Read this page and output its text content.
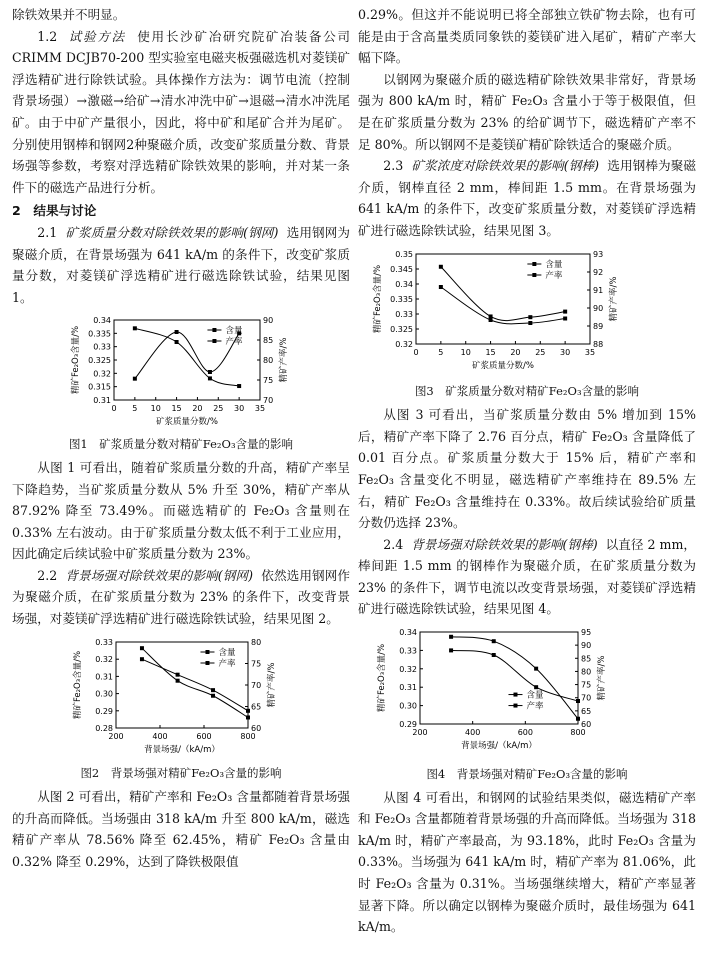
除铁效果并不明显。

1.2 试验方法 使用长沙矿冶研究院矿冶装备公司CRIMM DCJB70-200 型实验室电磁夹板强磁选机对菱镁矿浮选精矿进行除铁试验。具体操作方法为：调节电流（控制背景场强）→激磁→给矿→清水冲洗中矿→退磁→清水冲洗尾矿。由于中矿产量很小，因此，将中矿和尾矿合并为尾矿。分别使用钢棒和钢网2种聚磁介质，改变矿浆质量分数、背景场强等参数，考察对浮选精矿除铁效果的影响，并对某一条件下的磁选产品进行分析。

2　结果与讨论

2.1 矿浆质量分数对除铁效果的影响(钢网) 选用钢网为聚磁介质，在背景场强为 641 kA/m 的条件下，改变矿浆质量分数，对菱镁矿浮选精矿进行磁选除铁试验，结果见图 1。

0 5 10 15 20 25 30 35
0.31
0.315
0.32
0.325
0.33
0.335
0.34
70
75
80
85
90
矿浆质量分数/%
精矿Fe₂O₃含量/%	精矿产率/%
含量
产率

图1　矿浆质量分数对精矿Fe₂O₃含量的影响

从图 1 可看出，随着矿浆质量分数的升高，精矿产率呈下降趋势，当矿浆质量分数从 5% 升至 30%，精矿产率从 87.92% 降至 73.49%。而磁选精矿的 Fe₂O₃ 含量则在 0.33% 左右波动。由于矿浆质量分数太低不利于工业应用，因此确定后续试验中矿浆质量分数为 23%。

2.2 背景场强对除铁效果的影响(钢网) 依然选用钢网作为聚磁介质，在矿浆质量分数为 23% 的条件下，改变背景场强，对菱镁矿浮选精矿进行磁选除铁试验，结果见图 2。

200	400	600	800
0.28
0.29
0.30
0.31
0.32
0.33
60
65
70
75
80
背景场强/（kA/m）
精矿Fe₂O₃含量/%	精矿产率/%
含量
产率

图2　背景场强对精矿Fe₂O₃含量的影响

从图 2 可看出，精矿产率和 Fe₂O₃ 含量都随着背景场强的升高而降低。当场强由 318 kA/m 升至 800 kA/m，磁选精矿产率从 78.56% 降至 62.45%，精矿 Fe₂O₃ 含量由 0.32% 降至 0.29%，达到了降铁极限值

0.29%。但这并不能说明已将全部独立铁矿物去除，也有可能是由于含高量类质同象铁的菱镁矿进入尾矿，精矿产率大幅下降。

以钢网为聚磁介质的磁选精矿除铁效果非常好，背景场强为 800 kA/m 时，精矿 Fe₂O₃ 含量小于等于极限值，但是在矿浆质量分数为 23% 的给矿调节下，磁选精矿产率不足 80%。所以钢网不是菱镁矿精矿除铁适合的聚磁介质。

2.3 矿浆浓度对除铁效果的影响(钢棒) 选用钢棒为聚磁介质，钢棒直径 2 mm，棒间距 1.5 mm。在背景场强为 641 kA/m 的条件下，改变矿浆质量分数，对菱镁矿浮选精矿进行磁选除铁试验，结果见图 3。

0 5 10 15 20 25 30 35
0.32
0.325
0.33
0.335
0.34
0.345
0.35
88
89
90
91
92
93
矿浆质量分数/%
精矿Fe₂O₃含量/%	精矿产率/%
含量
产率

图3　矿浆质量分数对精矿Fe₂O₃含量的影响

从图 3 可看出，当矿浆质量分数由 5% 增加到 15% 后，精矿产率下降了 2.76 百分点，精矿 Fe₂O₃ 含量降低了 0.01 百分点。矿浆质量分数大于 15% 后，精矿产率和 Fe₂O₃ 含量变化不明显，磁选精矿产率维持在 89.5% 左右，精矿 Fe₂O₃ 含量维持在 0.33%。故后续试验给矿质量分数仍选择 23%。

2.4 背景场强对除铁效果的影响(钢棒) 以直径 2 mm，棒间距 1.5 mm 的钢棒作为聚磁介质，在矿浆质量分数为 23% 的条件下，调节电流以改变背景场强，对菱镁矿浮选精矿进行磁选除铁试验，结果见图 4。

200	400	600	800
0.29
0.30
0.31
0.32
0.33
0.34
60
65
70
75
80
85
90
95
背景场强/（kA/m）
精矿Fe₂O₃含量/%	精矿产率/%
含量
产率

图4　背景场强对精矿Fe₂O₃含量的影响

从图 4 可看出，和钢网的试验结果类似，磁选精矿产率和 Fe₂O₃ 含量都随着背景场强的升高而降低。当场强为 318 kA/m 时，精矿产率最高，为 93.18%，此时 Fe₂O₃ 含量为 0.33%。当场强为 641 kA/m 时，精矿产率为 81.06%，此时 Fe₂O₃ 含量为 0.31%。当场强继续增大，精矿产率显著显著下降。所以确定以钢棒为聚磁介质时，最佳场强为 641 kA/m。
